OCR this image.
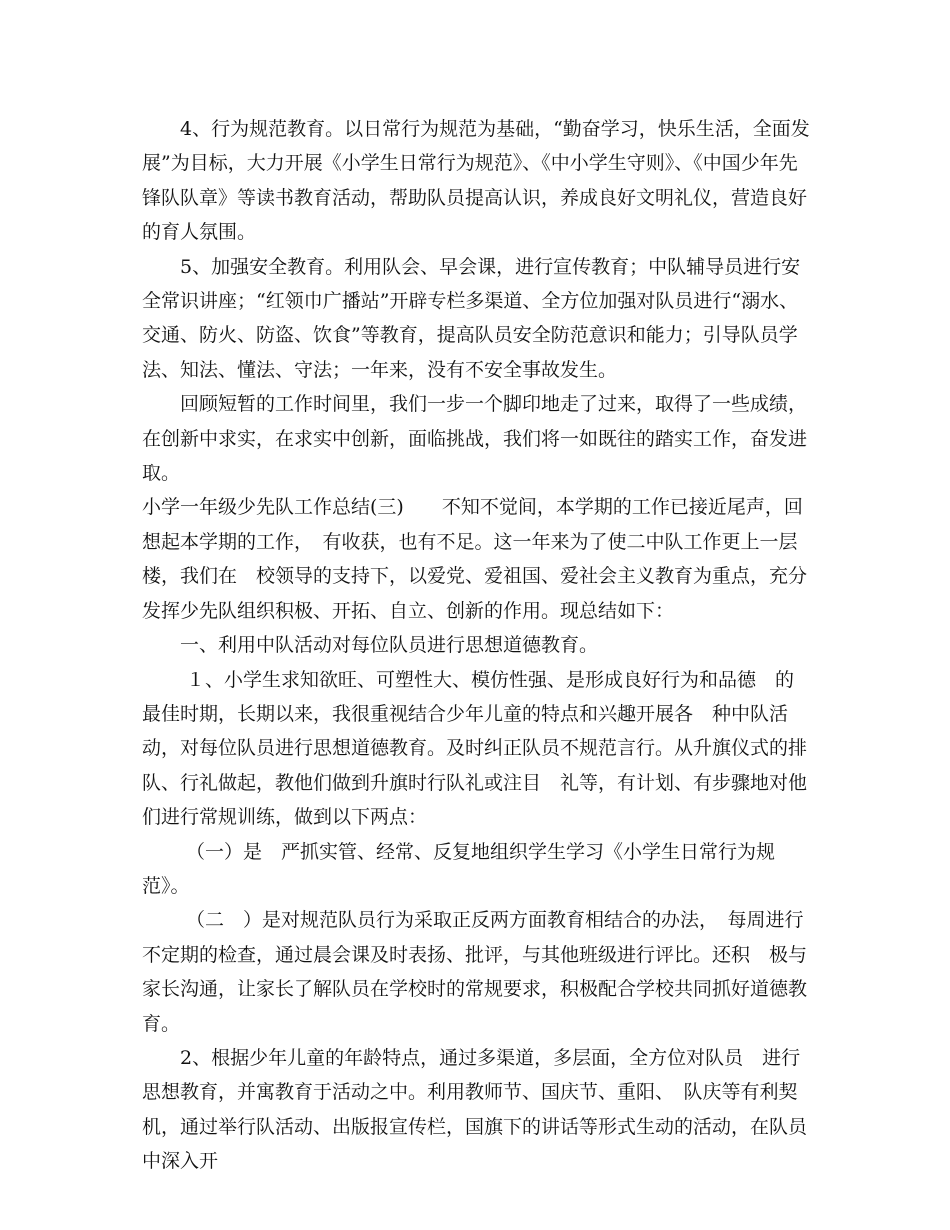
4、行为规范教育。以日常行为规范为基础，“勤奋学习，快乐生活，全面发展”为目标，大力开展《小学生日常行为规范》、《中小学生守则》、《中国少年先锋队队章》等读书教育活动，帮助队员提高认识，养成良好文明礼仪，营造良好的育人氛围。

5、加强安全教育。利用队会、早会课，进行宣传教育；中队辅导员进行安全常识讲座；“红领巾广播站”开辟专栏多渠道、全方位加强对队员进行“溺水、交通、防火、防盗、饮食”等教育，提高队员安全防范意识和能力；引导队员学法、知法、懂法、守法；一年来，没有不安全事故发生。

回顾短暂的工作时间里，我们一步一个脚印地走了过来，取得了一些成绩，在创新中求实，在求实中创新，面临挑战，我们将一如既往的踏实工作，奋发进取。

小学一年级少先队工作总结(三)　　不知不觉间，本学期的工作已接近尾声，回想起本学期的工作，　有收获，也有不足。这一年来为了使二中队工作更上一层楼，我们在　校领导的支持下，以爱党、爱祖国、爱社会主义教育为重点，充分发挥少先队组织积极、开拓、自立、创新的作用。现总结如下：

一、利用中队活动对每位队员进行思想道德教育。

１、小学生求知欲旺、可塑性大、模仿性强、是形成良好行为和品德　的最佳时期，长期以来，我很重视结合少年儿童的特点和兴趣开展各　种中队活动，对每位队员进行思想道德教育。及时纠正队员不规范言行。从升旗仪式的排队、行礼做起，教他们做到升旗时行队礼或注目　礼等，有计划、有步骤地对他们进行常规训练，做到以下两点：

（一）是　严抓实管、经常、反复地组织学生学习《小学生日常行为规范》。

（二　）是对规范队员行为采取正反两方面教育相结合的办法，　每周进行不定期的检查，通过晨会课及时表扬、批评，与其他班级进行评比。还积　极与家长沟通，让家长了解队员在学校时的常规要求，积极配合学校共同抓好道德教育。

2、根据少年儿童的年龄特点，通过多渠道，多层面，全方位对队员　进行思想教育，并寓教育于活动之中。利用教师节、国庆节、重阳、　队庆等有利契机，通过举行队活动、出版报宣传栏，国旗下的讲话等形式生动的活动，在队员中深入开
